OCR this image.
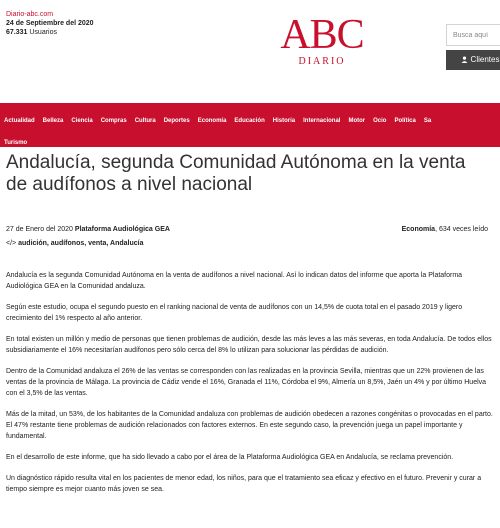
Diario-abc.com
24 de Septiembre del 2020
67.331 Usuarios	ABC
DIARIO
Busca aquí	Clientes
Actualidad Belleza Ciencia Compras Cultura Deportes Economía Educación Historia Internacional Motor Ocio Política Sa
Turismo
Andalucía, segunda Comunidad Autónoma en la venta de audífonos a nivel nacional
27 de Enero del 2020 Plataforma Audiológica GEA	Economía, 634 veces leído
</> audición, audífonos, venta, Andalucía

Andalucía es la segunda Comunidad Autónoma en la venta de audífonos a nivel nacional. Así lo indican datos del informe que aporta la Plataforma Audiológica GEA en la Comunidad andaluza.

Según este estudio, ocupa el segundo puesto en el ranking nacional de venta de audífonos con un 14,5% de cuota total en el pasado 2019 y ligero crecimiento del 1% respecto al año anterior.

En total existen un millón y medio de personas que tienen problemas de audición, desde las más leves a las más severas, en toda Andalucía. De todos ellos subsidiariamente el 16% necesitarían audífonos pero sólo cerca del 8% lo utilizan para solucionar las pérdidas de audición.

Dentro de la Comunidad andaluza el 26% de las ventas se corresponden con las realizadas en la provincia Sevilla, mientras que un 22% provienen de las ventas de la provincia de Málaga. La provincia de Cádiz vende el 16%, Granada el 11%, Córdoba el 9%, Almería un 8,5%, Jaén un 4% y por último Huelva con el 3,5% de las ventas.

Más de la mitad, un 53%, de los habitantes de la Comunidad andaluza con problemas de audición obedecen a razones congénitas o provocadas en el parto. El 47% restante tiene problemas de audición relacionados con factores externos. En este segundo caso, la prevención juega un papel importante y fundamental.

En el desarrollo de este informe, que ha sido llevado a cabo por el área de la Plataforma Audiológica GEA en Andalucía, se reclama prevención.

Un diagnóstico rápido resulta vital en los pacientes de menor edad, los niños, para que el tratamiento sea eficaz y efectivo en el futuro. Prevenir y curar a tiempo siempre es mejor cuanto más joven se sea.
